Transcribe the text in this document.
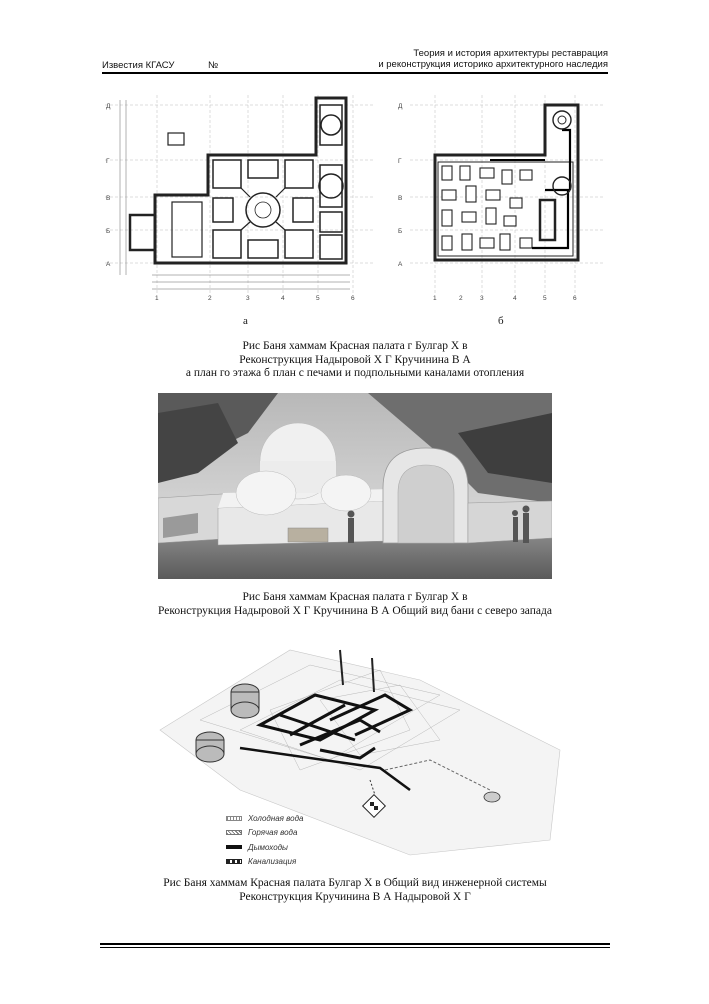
Известия КГАСУ	№
Теория и история архитектуры реставрация
и реконструкция историко архитектурного наследия
Д
Г
В
Б
А
1	2	3	4	5	6
Д
Г
В
Б
А
1	2	3	4	5	6
а	б
Рис Баня хаммам Красная палата г Булгар Х в
Реконструкция Надыровой Х Г Кручинина В А
а план го этажа б план с печами и подпольными каналами отопления
Рис Баня хаммам Красная палата г Булгар Х в
Реконструкция Надыровой Х Г Кручинина В А Общий вид бани с северо запада
Холодная вода
Горячая вода
Дымоходы
Канализация
Рис Баня хаммам Красная палата Булгар Х в Общий вид инженерной системы
Реконструкция Кручинина В А Надыровой Х Г
